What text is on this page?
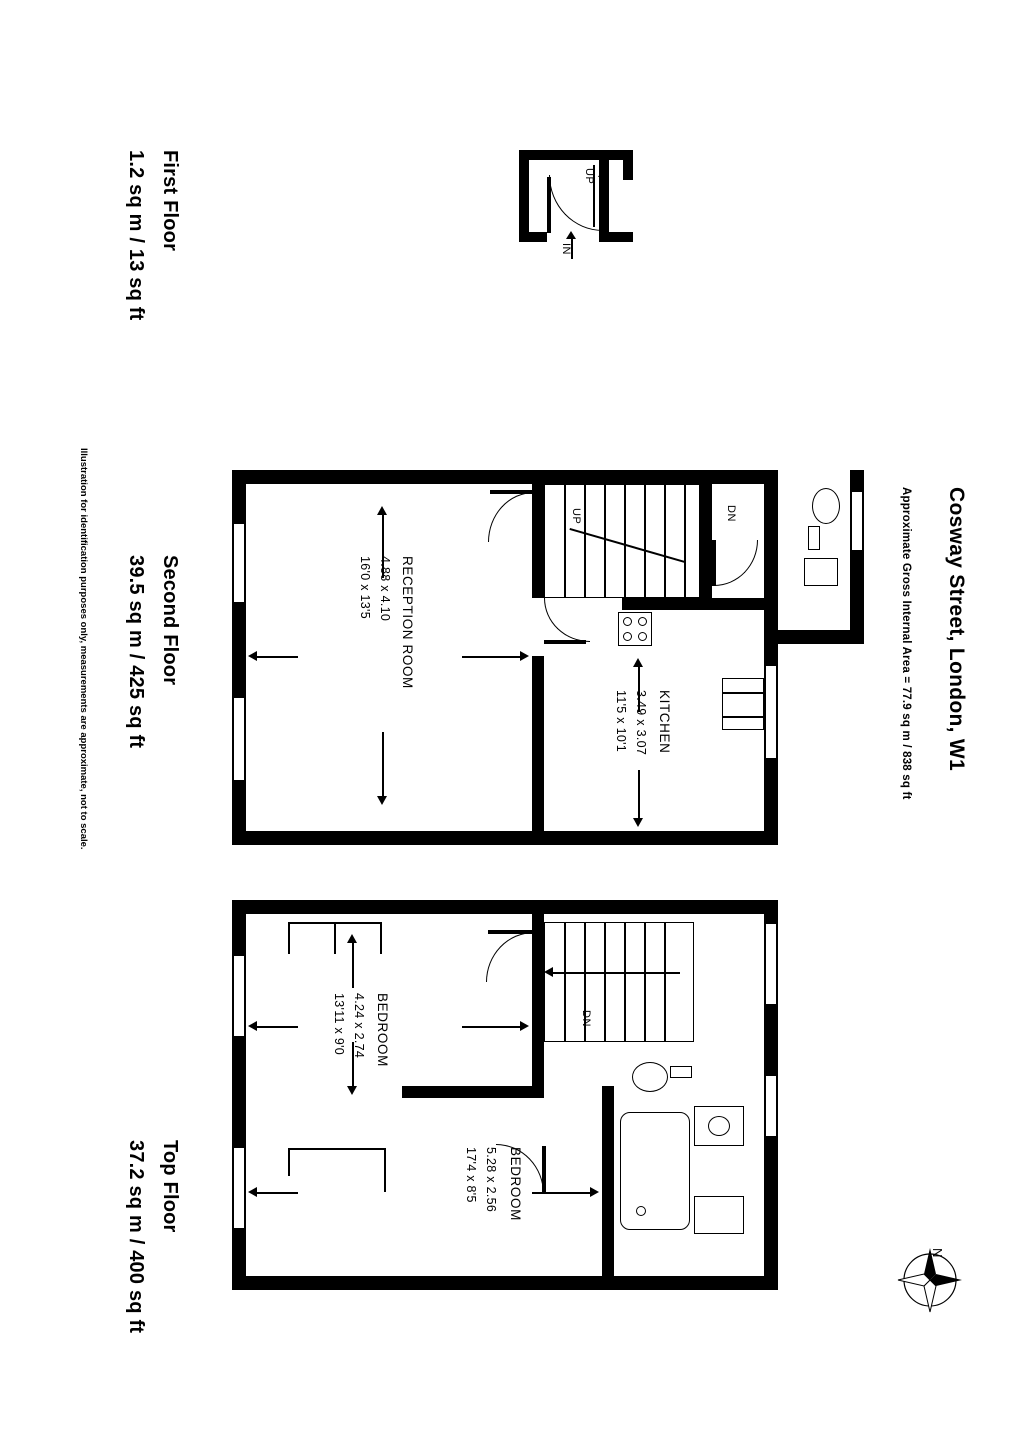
Cosway Street, London, W1
Approximate Gross Internal Area = 77.9 sq m / 838 sq ft
First Floor
1.2 sq m / 13 sq ft
Second Floor
39.5 sq m / 425 sq ft
Top Floor
37.2 sq m / 400 sq ft
Illustration for identification purposes only, measurements are approximate, not to scale.
UP
IN
RECEPTION ROOM
4.88 x 4.10
16'0 x 13'5
KITCHEN
3.49 x 3.07
11'5 x 10'1
UP	DN
BEDROOM
4.24 x 2.74
13'11 x 9'0
BEDROOM
5.28 x 2.56
17'4 x 8'5
DN
N
